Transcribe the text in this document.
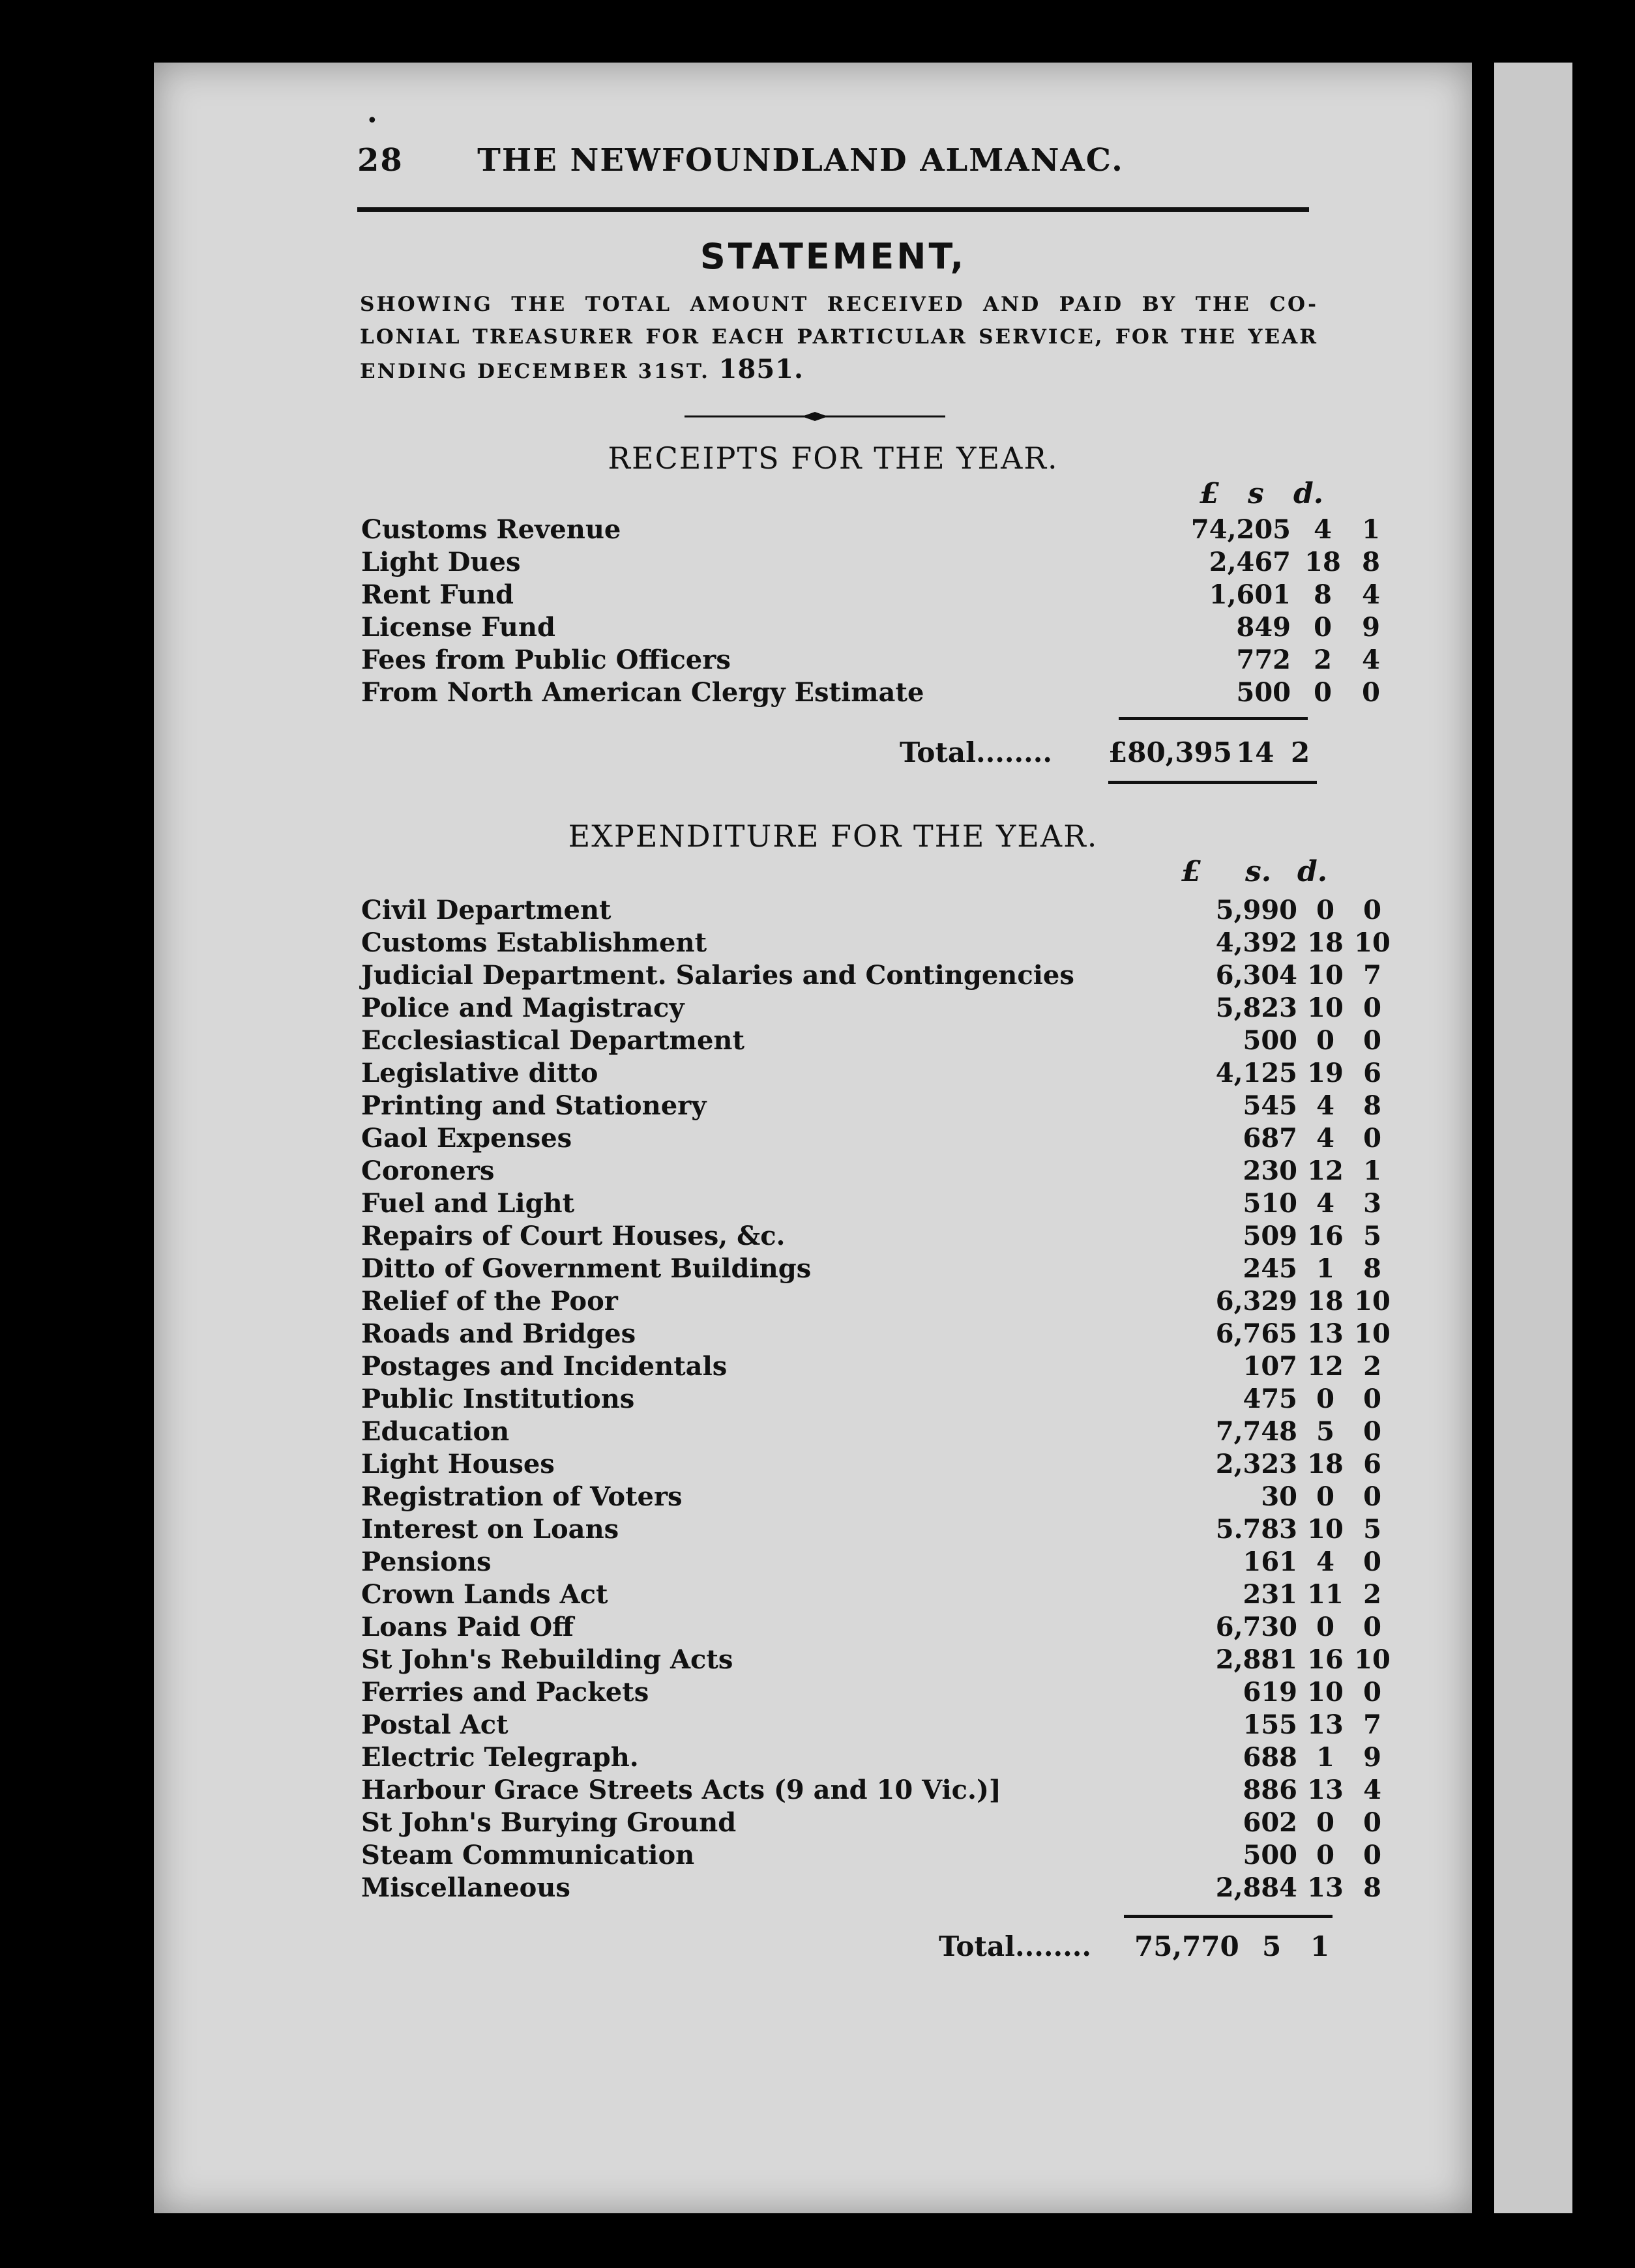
•
28	THE NEWFOUNDLAND ALMANAC.
STATEMENT,
SHOWING THE TOTAL AMOUNT RECEIVED AND PAID BY THE CO-LONIAL TREASURER FOR EACH PARTICULAR SERVICE, FOR THE YEAR ENDING DECEMBER 31ST. 1851.
RECEIPTS FOR THE YEAR.
£ s d.
Customs Revenue	74,205 4	1
Light Dues	2,467 18 8
Rent Fund	1,601 8	4
License Fund	849 0	9
Fees from Public Officers	772 2	4
From North American Clergy Estimate	500 0	0
Total........ £80,395 14 2
EXPENDITURE FOR THE YEAR.
£ s. d.
Civil Department	5,990 0	0
Customs Establishment	4,392 18 10
Judicial Department. Salaries and Contingencies	6,304 10 7
Police and Magistracy	5,823 10 0
Ecclesiastical Department	500 0	0
Legislative ditto	4,125 19 6
Printing and Stationery	545 4	8
Gaol Expenses	687 4	0
Coroners	230 12 1
Fuel and Light	510 4	3
Repairs of Court Houses, &c.	509 16 5
Ditto of Government Buildings	245 1	8
Relief of the Poor	6,329 18 10
Roads and Bridges	6,765 13 10
Postages and Incidentals	107 12 2
Public Institutions	475 0	0
Education	7,748 5	0
Light Houses	2,323 18 6
Registration of Voters	30 0	0
Interest on Loans	5.783 10 5
Pensions	161 4	0
Crown Lands Act	231 11 2
Loans Paid Off	6,730 0	0
St John's Rebuilding Acts	2,881 16 10
Ferries and Packets	619 10 0
Postal Act	155 13 7
Electric Telegraph.	688 1	9
Harbour Grace Streets Acts (9 and 10 Vic.)]	886 13 4
St John's Burying Ground	602 0	0
Steam Communication	500 0	0
Miscellaneous	2,884 13 8
Total........ 75,770 5 1
